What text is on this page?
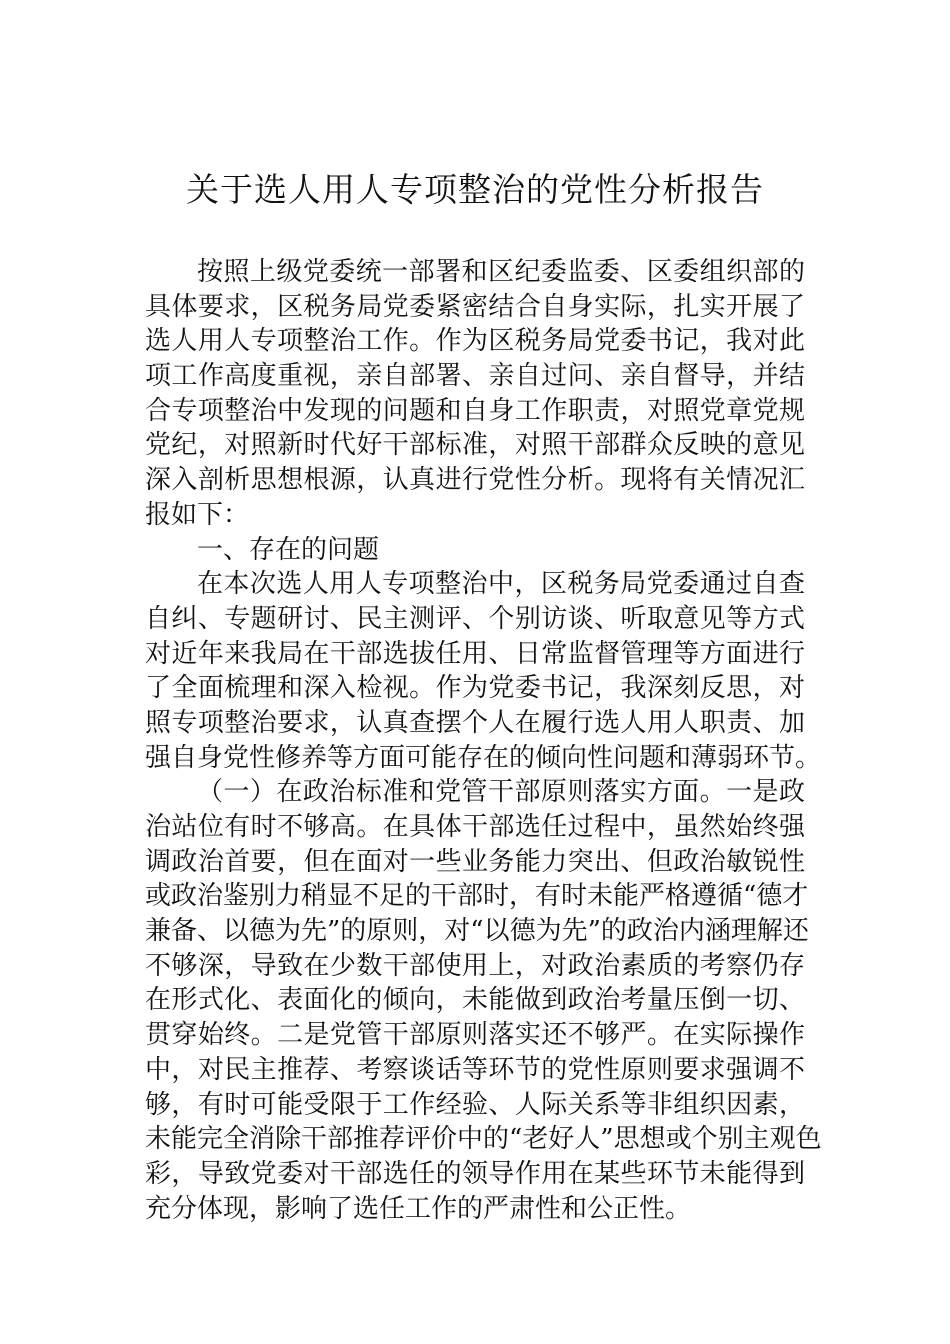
关于选人用人专项整治的党性分析报告
按照上级党委统一部署和区纪委监委、区委组织部的
具体要求，区税务局党委紧密结合自身实际，扎实开展了
选人用人专项整治工作。作为区税务局党委书记，我对此
项工作高度重视，亲自部署、亲自过问、亲自督导，并结
合专项整治中发现的问题和自身工作职责，对照党章党规
党纪，对照新时代好干部标准，对照干部群众反映的意见
深入剖析思想根源，认真进行党性分析。现将有关情况汇
报如下：
一、存在的问题
在本次选人用人专项整治中，区税务局党委通过自查
自纠、专题研讨、民主测评、个别访谈、听取意见等方式
对近年来我局在干部选拔任用、日常监督管理等方面进行
了全面梳理和深入检视。作为党委书记，我深刻反思，对
照专项整治要求，认真查摆个人在履行选人用人职责、加
强自身党性修养等方面可能存在的倾向性问题和薄弱环节。
（一）在政治标准和党管干部原则落实方面。一是政
治站位有时不够高。在具体干部选任过程中，虽然始终强
调政治首要，但在面对一些业务能力突出、但政治敏锐性
或政治鉴别力稍显不足的干部时，有时未能严格遵循“德才
兼备、以德为先”的原则，对“以德为先”的政治内涵理解还
不够深，导致在少数干部使用上，对政治素质的考察仍存
在形式化、表面化的倾向，未能做到政治考量压倒一切、
贯穿始终。二是党管干部原则落实还不够严。在实际操作
中，对民主推荐、考察谈话等环节的党性原则要求强调不
够，有时可能受限于工作经验、人际关系等非组织因素，
未能完全消除干部推荐评价中的“老好人”思想或个别主观色
彩，导致党委对干部选任的领导作用在某些环节未能得到
充分体现，影响了选任工作的严肃性和公正性。
